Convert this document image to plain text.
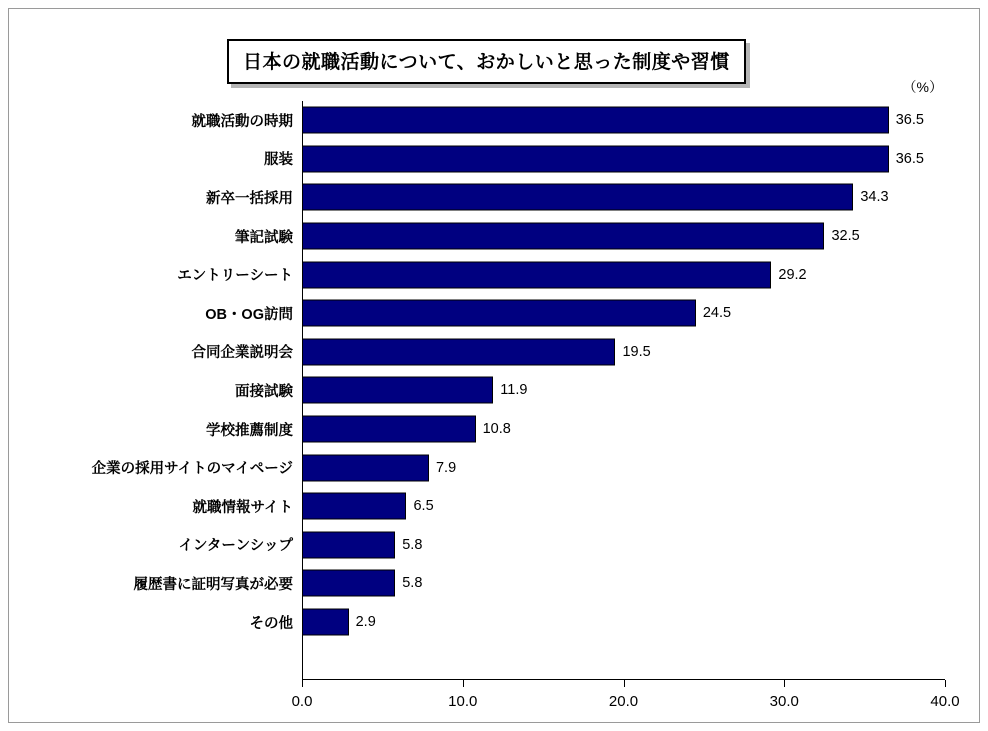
日本の就職活動について、おかしいと思った制度や習慣
（%）
就職活動の時期	36.5
服装	36.5
新卒一括採用	34.3
筆記試験	32.5
エントリーシート	29.2
OB・OG訪問	24.5
合同企業説明会	19.5
面接試験	11.9
学校推薦制度	10.8
企業の採用サイトのマイページ	7.9
就職情報サイト	6.5
インターンシップ	5.8
履歴書に証明写真が必要	5.8
その他	2.9
0.0	10.0	20.0	30.0	40.0
